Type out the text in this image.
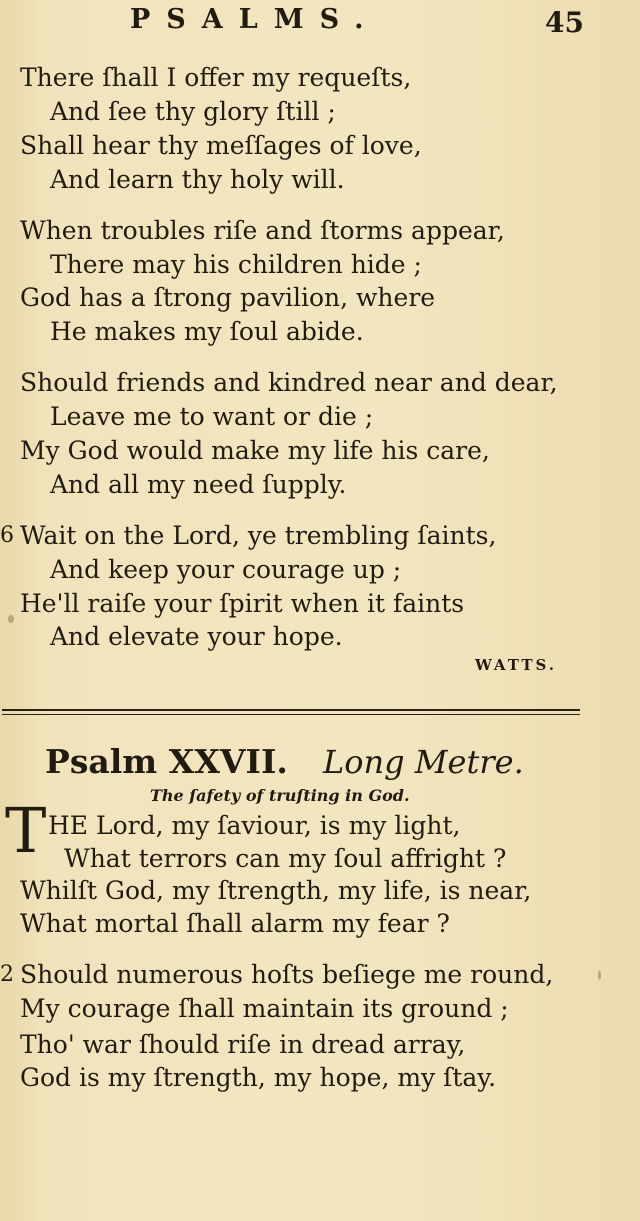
PSALMS.	45
There ſhall I offer my requeſts,
And ſee thy glory ſtill ;
Shall hear thy meſſages of love,
And learn thy holy will.
When troubles riſe and ſtorms appear,
There may his children hide ;
God has a ſtrong pavilion, where
He makes my ſoul abide.
Should friends and kindred near and dear,
Leave me to want or die ;
My God would make my life his care,
And all my need ſupply.
6 Wait on the Lord, ye trembling ſaints,
And keep your courage up ;
He'll raiſe your ſpirit when it faints
And elevate your hope.
WATTS.
Psalm XXVII. Long Metre.
The ſafety of truſting in God.
T HE Lord, my ſaviour, is my light,
What terrors can my ſoul affright ?
Whilſt God, my ſtrength, my life, is near,
What mortal ſhall alarm my fear ?
2 Should numerous hoſts beſiege me round,
My courage ſhall maintain its ground ;
Tho' war ſhould riſe in dread array,
God is my ſtrength, my hope, my ſtay.
